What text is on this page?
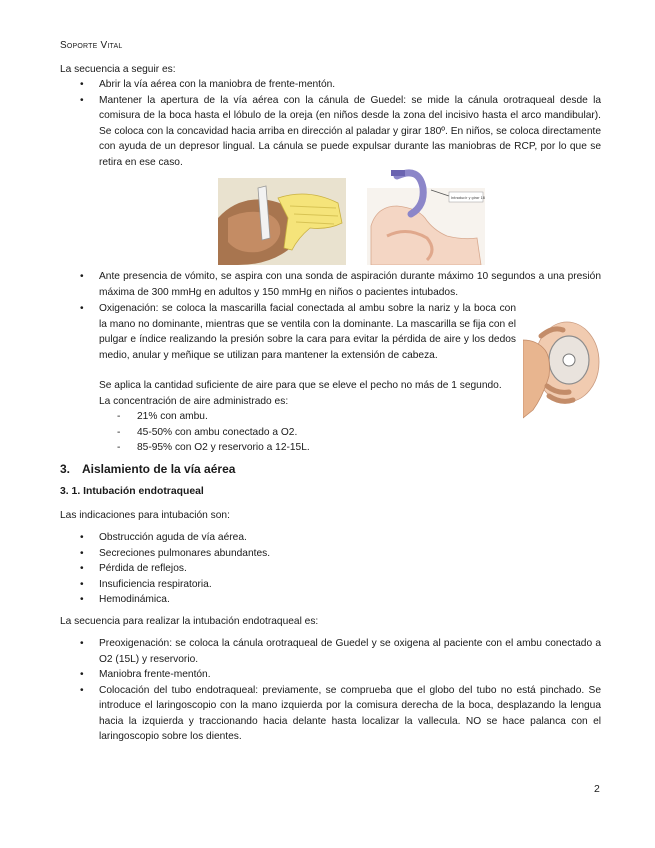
Soporte Vital
La secuencia a seguir es:
• Abrir la vía aérea con la maniobra de frente-mentón.
• Mantener la apertura de la vía aérea con la cánula de Guedel: se mide la cánula orotraqueal desde la comisura de la boca hasta el lóbulo de la oreja (en niños desde la zona del incisivo hasta el arco mandibular). Se coloca con la concavidad hacia arriba en dirección al paladar y girar 180º. En niños, se coloca directamente con ayuda de un depresor lingual. La cánula se puede expulsar durante las maniobras de RCP, por lo que se retira en ese caso.
Introducir y girar 180º
• Ante presencia de vómito, se aspira con una sonda de aspiración durante máximo 10 segundos a una presión máxima de 300 mmHg en adultos y 150 mmHg en niños o pacientes intubados.
• Oxigenación: se coloca la mascarilla facial conectada al ambu sobre la nariz y la boca con la mano no dominante, mientras que se ventila con la dominante. La mascarilla se fija con el pulgar e índice realizando la presión sobre la cara para evitar la pérdida de aire y los dedos medio, anular y meñique se utilizan para mantener la extensión de cabeza.
Se aplica la cantidad suficiente de aire para que se eleve el pecho no más de 1 segundo.
La concentración de aire administrado es:
- 21% con ambu.
- 45-50% con ambu conectado a O2.
- 85-95% con O2 y reservorio a 12-15L.
3. Aislamiento de la vía aérea
3. 1. Intubación endotraqueal
Las indicaciones para intubación son:
• Obstrucción aguda de vía aérea.
• Secreciones pulmonares abundantes.
• Pérdida de reflejos.
• Insuficiencia respiratoria.
• Hemodinámica.
La secuencia para realizar la intubación endotraqueal es:
• Preoxigenación: se coloca la cánula orotraqueal de Guedel y se oxigena al paciente con el ambu conectado a O2 (15L) y reservorio.
• Maniobra frente-mentón.
• Colocación del tubo endotraqueal: previamente, se comprueba que el globo del tubo no está pinchado. Se introduce el laringoscopio con la mano izquierda por la comisura derecha de la boca, desplazando la lengua hacia la izquierda y traccionando hacia delante hasta localizar la vallecula. NO se hace palanca con el laringoscopio sobre los dientes.
2
